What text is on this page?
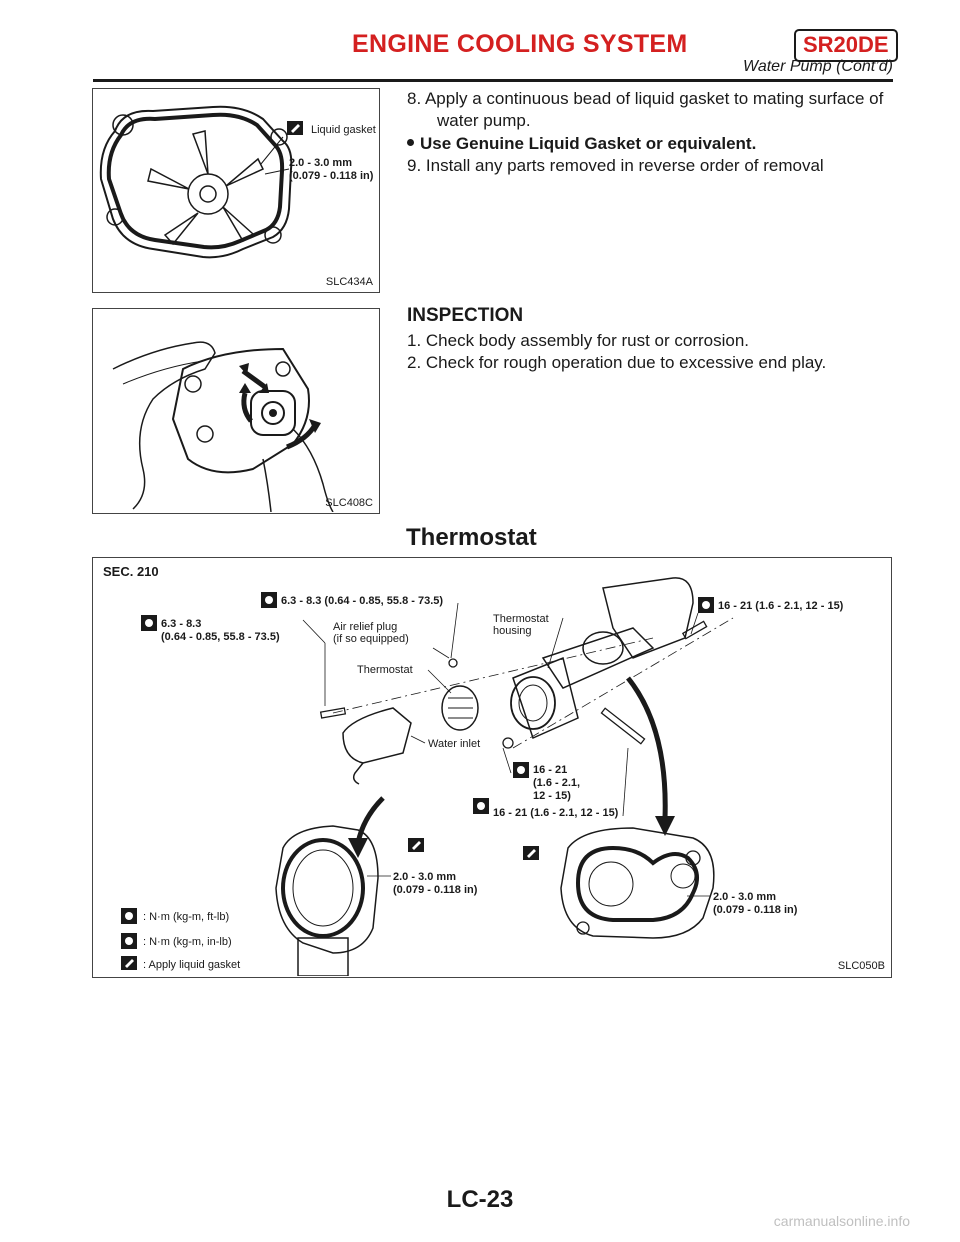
ENGINE COOLING SYSTEM	SR20DE
Water Pump (Cont’d)
Liquid gasket
2.0 - 3.0 mm
(0.079 - 0.118 in)
SLC434A
8. Apply a continuous bead of liquid gasket to mating surface of
water pump.
Use Genuine Liquid Gasket or equivalent.
9. Install any parts removed in reverse order of removal
SLC408C
INSPECTION
1. Check body assembly for rust or corrosion.
2. Check for rough operation due to excessive end play.
Thermostat
SEC. 210
6.3 - 8.3 (0.64 - 0.85, 55.8 - 73.5)
6.3 - 8.3
(0.64 - 0.85, 55.8 - 73.5)
Air relief plug
(if so equipped)
Thermostat
housing
16 - 21 (1.6 - 2.1, 12 - 15)
Thermostat
Water inlet
16 - 21
(1.6 - 2.1,
12 - 15)
16 - 21 (1.6 - 2.1, 12 - 15)
2.0 - 3.0 mm
(0.079 - 0.118 in)
2.0 - 3.0 mm
(0.079 - 0.118 in)
: N·m (kg-m, ft-lb)
: N·m (kg-m, in-lb)
: Apply liquid gasket	SLC050B
LC-23
carmanualsonline.info
